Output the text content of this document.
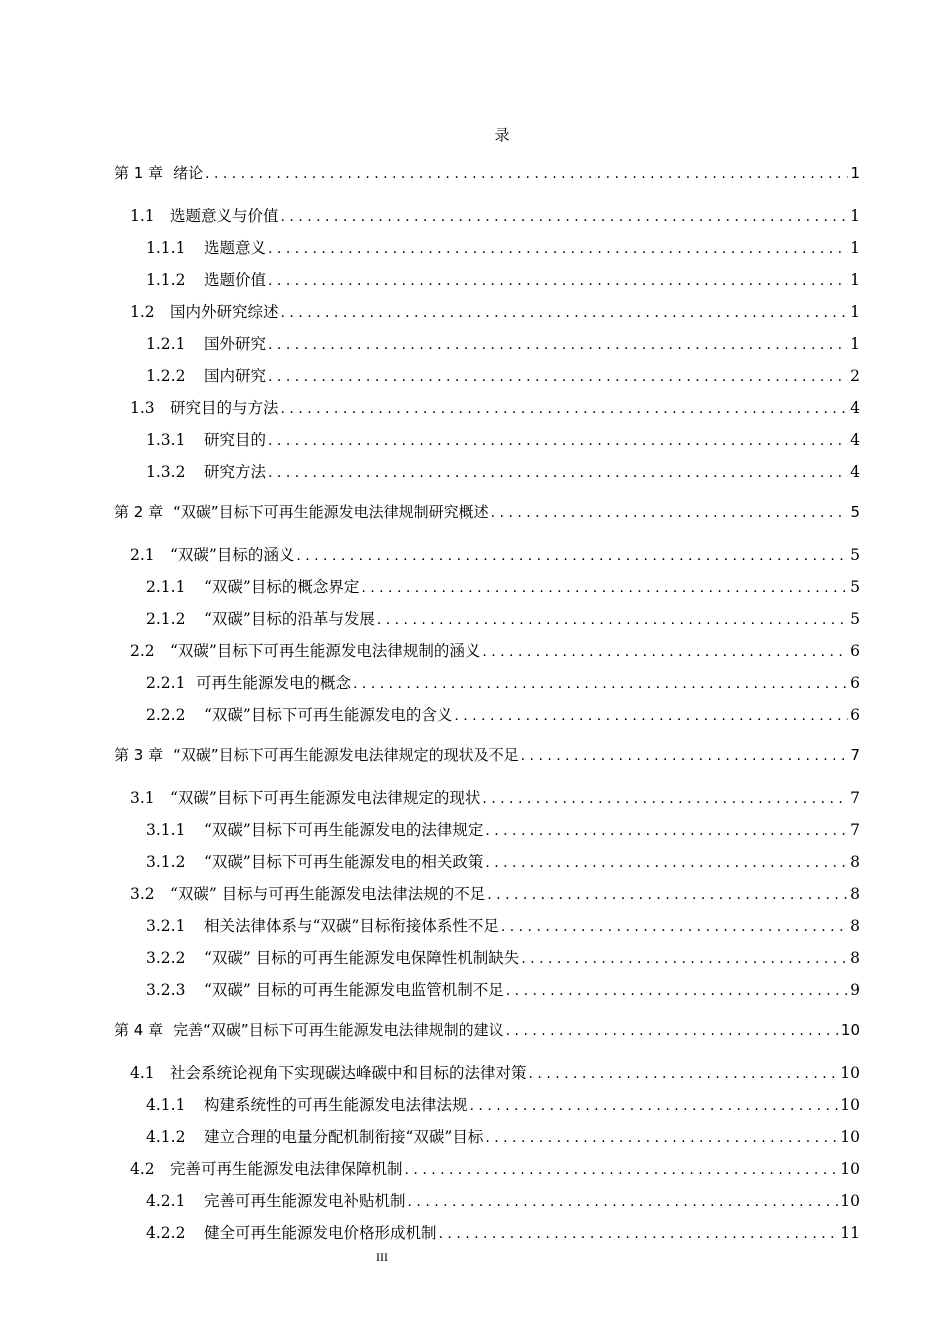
录
第 1 章 绪论 . . .	1
1.1 选题意义与价值 . . .	1
1.1.1	选题意义 . . .	1
1.1.2	选题价值 . . .	1
1.2 国内外研究综述 . . .	1
1.2.1	国外研究 . . .	1
1.2.2	国内研究 . . .	2
1.3 研究目的与方法 . . .	4
1.3.1	研究目的 . . .	4
1.3.2	研究方法 . . .	4
第 2 章 “双碳”目标下可再生能源发电法律规制研究概述 . . .	5
2.1 “双碳”目标的涵义 . . .	5
2.1.1	“双碳”目标的概念界定 . . .	5
2.1.2	“双碳”目标的沿革与发展 . . .	5
2.2 “双碳”目标下可再生能源发电法律规制的涵义 . . .	6
2.2.1 可再生能源发电的概念 . . .	6
2.2.2	“双碳”目标下可再生能源发电的含义 . . .	6
第 3 章 “双碳”目标下可再生能源发电法律规定的现状及不足 . . .	7
3.1 “双碳”目标下可再生能源发电法律规定的现状 . . .	7
3.1.1	“双碳”目标下可再生能源发电的法律规定 . . .	7
3.1.2	“双碳”目标下可再生能源发电的相关政策 . . .	8
3.2 “双碳” 目标与可再生能源发电法律法规的不足 . . .	8
3.2.1	相关法律体系与“双碳”目标衔接体系性不足 . . .	8
3.2.2	“双碳” 目标的可再生能源发电保障性机制缺失 . . .	8
3.2.3	“双碳” 目标的可再生能源发电监管机制不足 . . .	9
第 4 章 完善“双碳”目标下可再生能源发电法律规制的建议 . . .	10
4.1 社会系统论视角下实现碳达峰碳中和目标的法律对策 . . .	10
4.1.1	构建系统性的可再生能源发电法律法规 . . .	10
4.1.2	建立合理的电量分配机制衔接“双碳”目标 . . .	10
4.2 完善可再生能源发电法律保障机制 . . .	10
4.2.1	完善可再生能源发电补贴机制 . . .	10
4.2.2	健全可再生能源发电价格形成机制 . . .	11
III
